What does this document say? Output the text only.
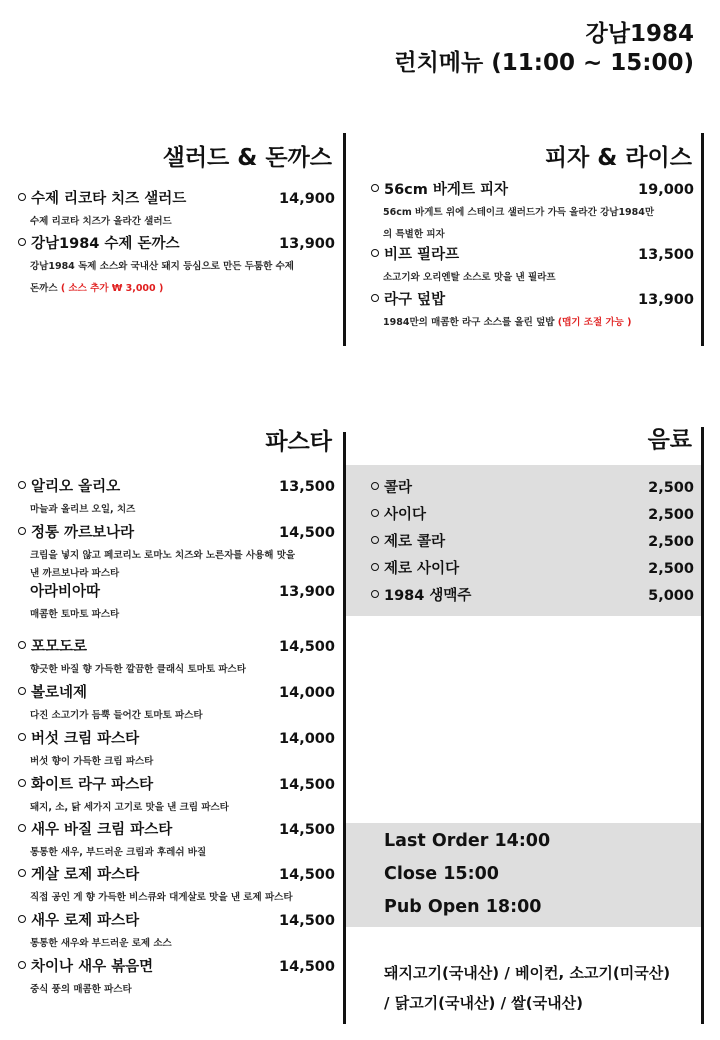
강남1984
런치메뉴 (11:00 ~ 15:00)
샐러드 & 돈까스
수제 리코타 치즈 샐러드	14,900
수제 리코타 치즈가 올라간 샐러드
강남1984 수제 돈까스	13,900
강남1984 독제 소스와 국내산 돼지 등심으로 만든 두툼한 수제
돈까스 ( 소스 추가 ₩ 3,000 )
피자 & 라이스
56cm 바게트 피자	19,000
56cm 바게트 위에 스테이크 샐러드가 가득 올라간 강남1984만
의 특별한 피자
비프 필라프	13,500
소고기와 오리엔탈 소스로 맛을 낸 필라프
라구 덮밥	13,900
1984만의 매콤한 라구 소스를 올린 덮밥 (맵기 조절 가능 )
파스타
알리오 올리오	13,500
마늘과 올리브 오일, 치즈
정통 까르보나라	14,500
크림을 넣지 않고 페코리노 로마노 치즈와 노른자를 사용해 맛을
낸 까르보나라 파스타
아라비아따	13,900
매콤한 토마토 파스타
포모도로	14,500
향긋한 바질 향 가득한 깔끔한 클래식 토마토 파스타
볼로네제	14,000
다진 소고기가 듬뿍 들어간 토마토 파스타
버섯 크림 파스타	14,000
버섯 향이 가득한 크림 파스타
화이트 라구 파스타	14,500
돼지, 소, 닭 세가지 고기로 맛을 낸 크림 파스타
새우 바질 크림 파스타	14,500
통통한 새우, 부드러운 크림과 후레쉬 바질
게살 로제 파스타	14,500
직접 공인 게 향 가득한 비스큐와 대게살로 맛을 낸 로제 파스타
새우 로제 파스타	14,500
통통한 새우와 부드러운 로제 소스
차이나 새우 볶음면	14,500
중식 풍의 매콤한 파스타
음료
콜라	2,500
사이다	2,500
제로 콜라	2,500
제로 사이다	2,500
1984 생맥주	5,000
Last Order 14:00
Close 15:00
Pub Open 18:00
돼지고기(국내산) / 베이컨, 소고기(미국산)
/ 닭고기(국내산) / 쌀(국내산)
